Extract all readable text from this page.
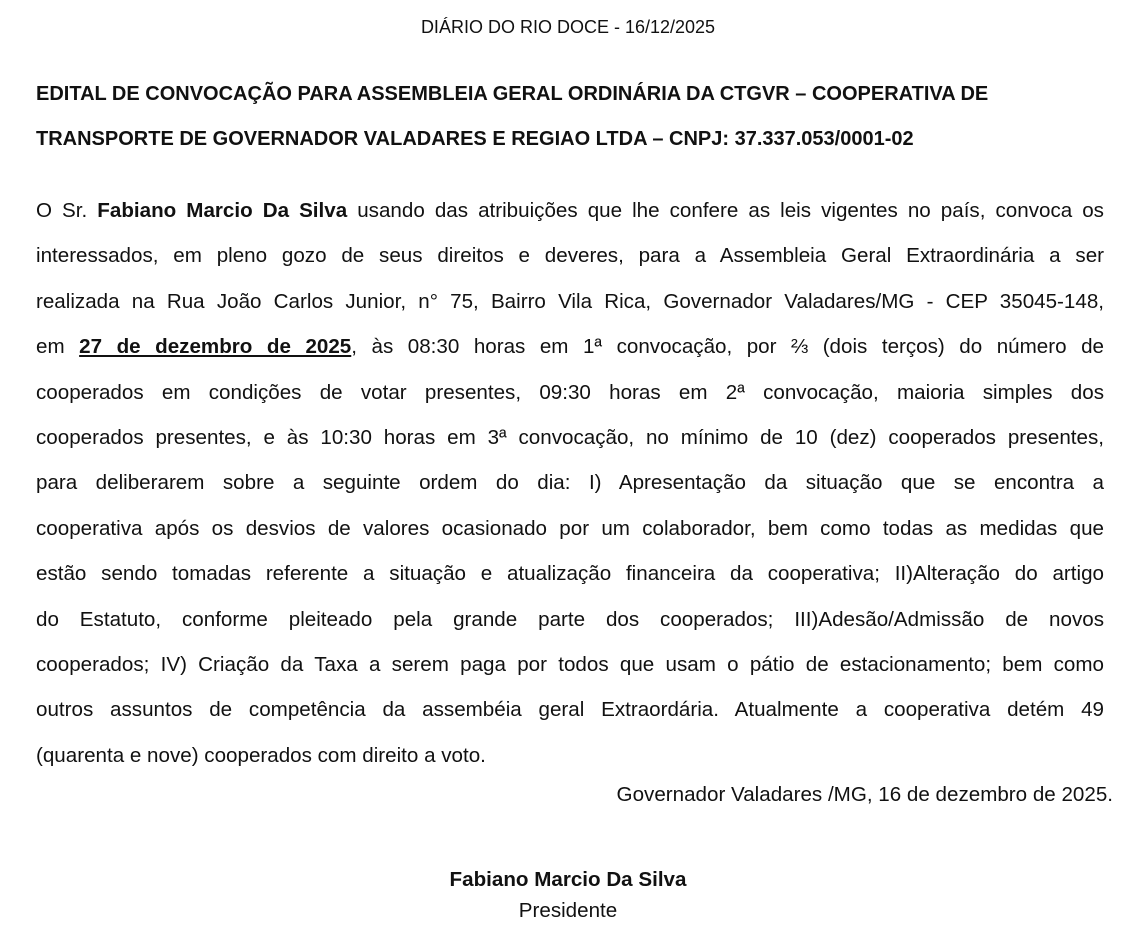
DIÁRIO DO RIO DOCE - 16/12/2025
EDITAL DE CONVOCAÇÃO PARA ASSEMBLEIA GERAL ORDINÁRIA DA CTGVR – COOPERATIVA DE
TRANSPORTE DE GOVERNADOR VALADARES E REGIAO LTDA – CNPJ: 37.337.053/0001-02
O Sr. Fabiano Marcio Da Silva usando das atribuições que lhe confere as leis vigentes no país, convoca os
interessados, em pleno gozo de seus direitos e deveres, para a Assembleia Geral Extraordinária a ser
realizada na Rua João Carlos Junior, n° 75, Bairro Vila Rica, Governador Valadares/MG - CEP 35045-148,
em 27 de dezembro de 2025, às 08:30 horas em 1ª convocação, por ⅔ (dois terços) do número de
cooperados em condições de votar presentes, 09:30 horas em 2ª convocação, maioria simples dos
cooperados presentes, e às 10:30 horas em 3ª convocação, no mínimo de 10 (dez) cooperados presentes,
para deliberarem sobre a seguinte ordem do dia: I) Apresentação da situação que se encontra a
cooperativa após os desvios de valores ocasionado por um colaborador, bem como todas as medidas que
estão sendo tomadas referente a situação e atualização financeira da cooperativa; II)Alteração do artigo
do Estatuto, conforme pleiteado pela grande parte dos cooperados; III)Adesão/Admissão de novos
cooperados; IV) Criação da Taxa a serem paga por todos que usam o pátio de estacionamento; bem como
outros assuntos de competência da assembéia geral Extraordária. Atualmente a cooperativa detém 49
(quarenta e nove) cooperados com direito a voto.
Governador Valadares /MG, 16 de dezembro de 2025.
Fabiano Marcio Da Silva
Presidente
